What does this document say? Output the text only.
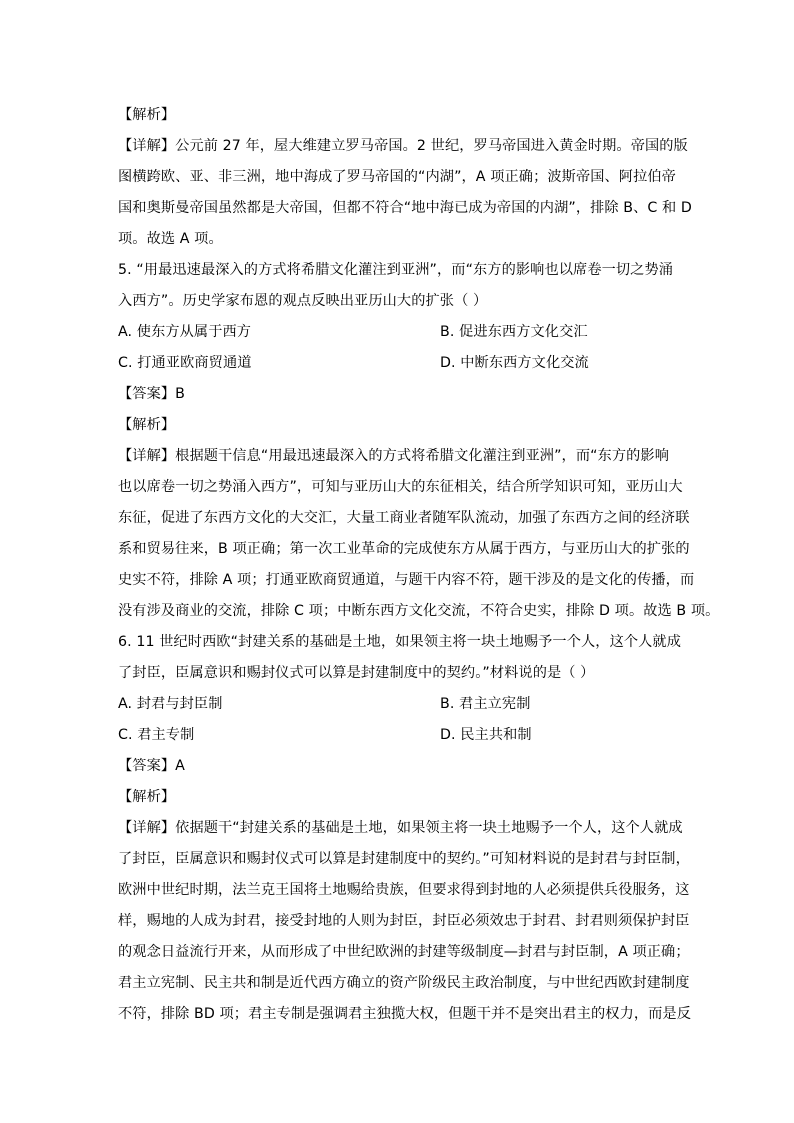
【解析】
【详解】公元前 27 年，屋大维建立罗马帝国。2 世纪，罗马帝国进入黄金时期。帝国的版
图横跨欧、亚、非三洲，地中海成了罗马帝国的“内湖”，A 项正确；波斯帝国、阿拉伯帝
国和奥斯曼帝国虽然都是大帝国，但都不符合“地中海已成为帝国的内湖”，排除 B、C 和 D
项。故选 A 项。
5. “用最迅速最深入的方式将希腊文化灌注到亚洲”，而“东方的影响也以席卷一切之势涌
入西方”。历史学家布恩的观点反映出亚历山大的扩张（ ）
A. 使东方从属于西方	B. 促进东西方文化交汇
C. 打通亚欧商贸通道	D. 中断东西方文化交流
【答案】B
【解析】
【详解】根据题干信息“用最迅速最深入的方式将希腊文化灌注到亚洲”，而“东方的影响
也以席卷一切之势涌入西方”，可知与亚历山大的东征相关，结合所学知识可知，亚历山大
东征，促进了东西方文化的大交汇，大量工商业者随军队流动，加强了东西方之间的经济联
系和贸易往来，B 项正确；第一次工业革命的完成使东方从属于西方，与亚历山大的扩张的
史实不符，排除 A 项；打通亚欧商贸通道，与题干内容不符，题干涉及的是文化的传播，而
没有涉及商业的交流，排除 C 项；中断东西方文化交流，不符合史实，排除 D 项。故选 B 项。
6. 11 世纪时西欧“封建关系的基础是土地，如果领主将一块土地赐予一个人，这个人就成
了封臣，臣属意识和赐封仪式可以算是封建制度中的契约。”材料说的是（ ）
A. 封君与封臣制	B. 君主立宪制
C. 君主专制	D. 民主共和制
【答案】A
【解析】
【详解】依据题干“封建关系的基础是土地，如果领主将一块土地赐予一个人，这个人就成
了封臣，臣属意识和赐封仪式可以算是封建制度中的契约。”可知材料说的是封君与封臣制，
欧洲中世纪时期，法兰克王国将土地赐给贵族，但要求得到封地的人必须提供兵役服务，这
样，赐地的人成为封君，接受封地的人则为封臣，封臣必须效忠于封君、封君则须保护封臣
的观念日益流行开来，从而形成了中世纪欧洲的封建等级制度—封君与封臣制，A 项正确；
君主立宪制、民主共和制是近代西方确立的资产阶级民主政治制度，与中世纪西欧封建制度
不符，排除 BD 项；君主专制是强调君主独揽大权，但题干并不是突出君主的权力，而是反
